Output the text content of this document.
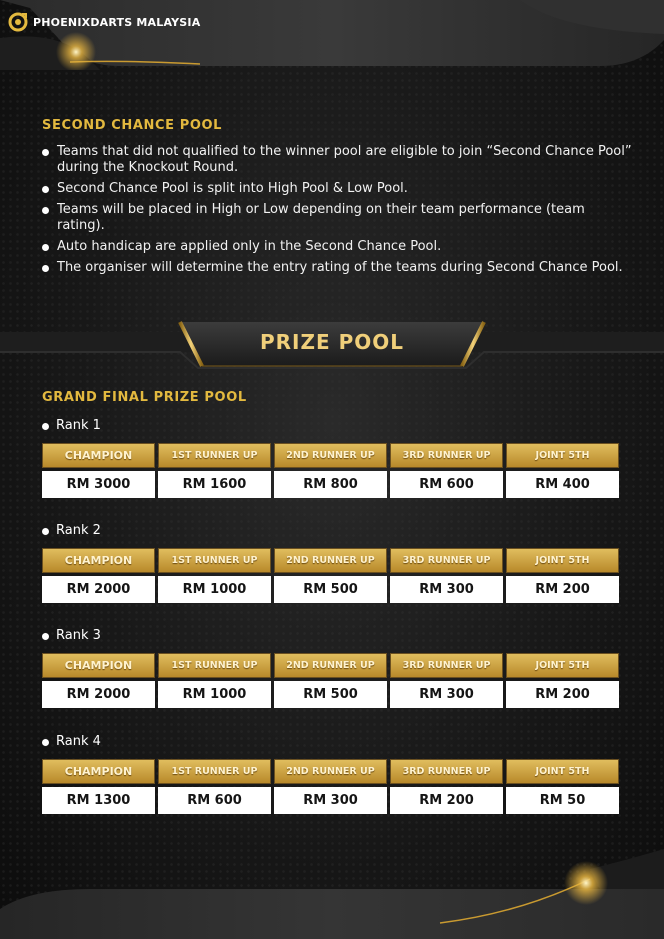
PHOENIXDARTS MALAYSIA
SECOND CHANCE POOL
Teams that did not qualified to the winner pool are eligible to join “Second Chance Pool” during the Knockout Round.
Second Chance Pool is split into High Pool & Low Pool.
Teams will be placed in High or Low depending on their team performance (team rating).
Auto handicap are applied only in the Second Chance Pool.
The organiser will determine the entry rating of the teams during Second Chance Pool.
PRIZE POOL
GRAND FINAL PRIZE POOL
Rank 1
CHAMPION	1ST RUNNER UP	2ND RUNNER UP	3RD RUNNER UP	JOINT 5TH
RM 3000	RM 1600	RM 800	RM 600	RM 400
Rank 2
CHAMPION	1ST RUNNER UP	2ND RUNNER UP	3RD RUNNER UP	JOINT 5TH
RM 2000	RM 1000	RM 500	RM 300	RM 200
Rank 3
CHAMPION	1ST RUNNER UP	2ND RUNNER UP	3RD RUNNER UP	JOINT 5TH
RM 2000	RM 1000	RM 500	RM 300	RM 200
Rank 4
CHAMPION	1ST RUNNER UP	2ND RUNNER UP	3RD RUNNER UP	JOINT 5TH
RM 1300	RM 600	RM 300	RM 200	RM 50
